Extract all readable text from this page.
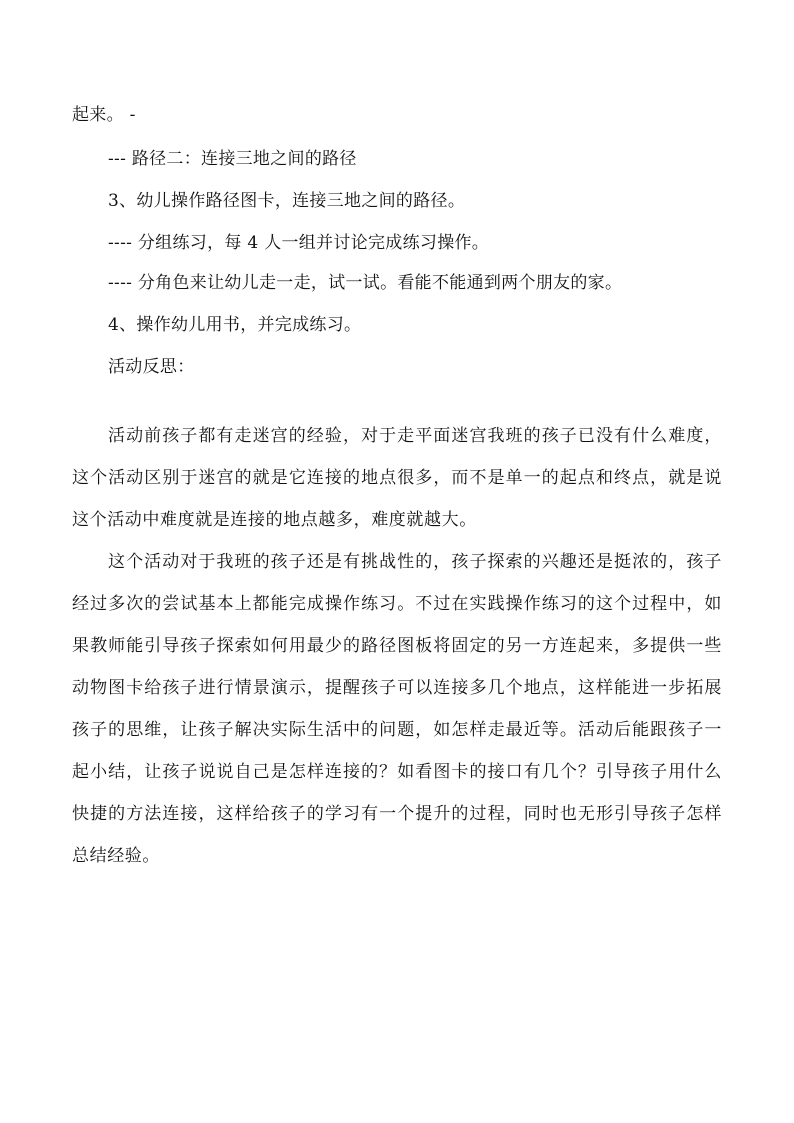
起来。 -
--- 路径二：连接三地之间的路径
3、幼儿操作路径图卡，连接三地之间的路径。
---- 分组练习，每 4 人一组并讨论完成练习操作。
---- 分角色来让幼儿走一走，试一试。看能不能通到两个朋友的家。
4、操作幼儿用书，并完成练习。
活动反思：

活动前孩子都有走迷宫的经验，对于走平面迷宫我班的孩子已没有什么难度，这个活动区别于迷宫的就是它连接的地点很多，而不是单一的起点和终点，就是说这个活动中难度就是连接的地点越多，难度就越大。

这个活动对于我班的孩子还是有挑战性的，孩子探索的兴趣还是挺浓的，孩子经过多次的尝试基本上都能完成操作练习。不过在实践操作练习的这个过程中，如果教师能引导孩子探索如何用最少的路径图板将固定的另一方连起来，多提供一些动物图卡给孩子进行情景演示，提醒孩子可以连接多几个地点，这样能进一步拓展孩子的思维，让孩子解决实际生活中的问题，如怎样走最近等。活动后能跟孩子一起小结，让孩子说说自己是怎样连接的？如看图卡的接口有几个？引导孩子用什么快捷的方法连接，这样给孩子的学习有一个提升的过程，同时也无形引导孩子怎样总结经验。
